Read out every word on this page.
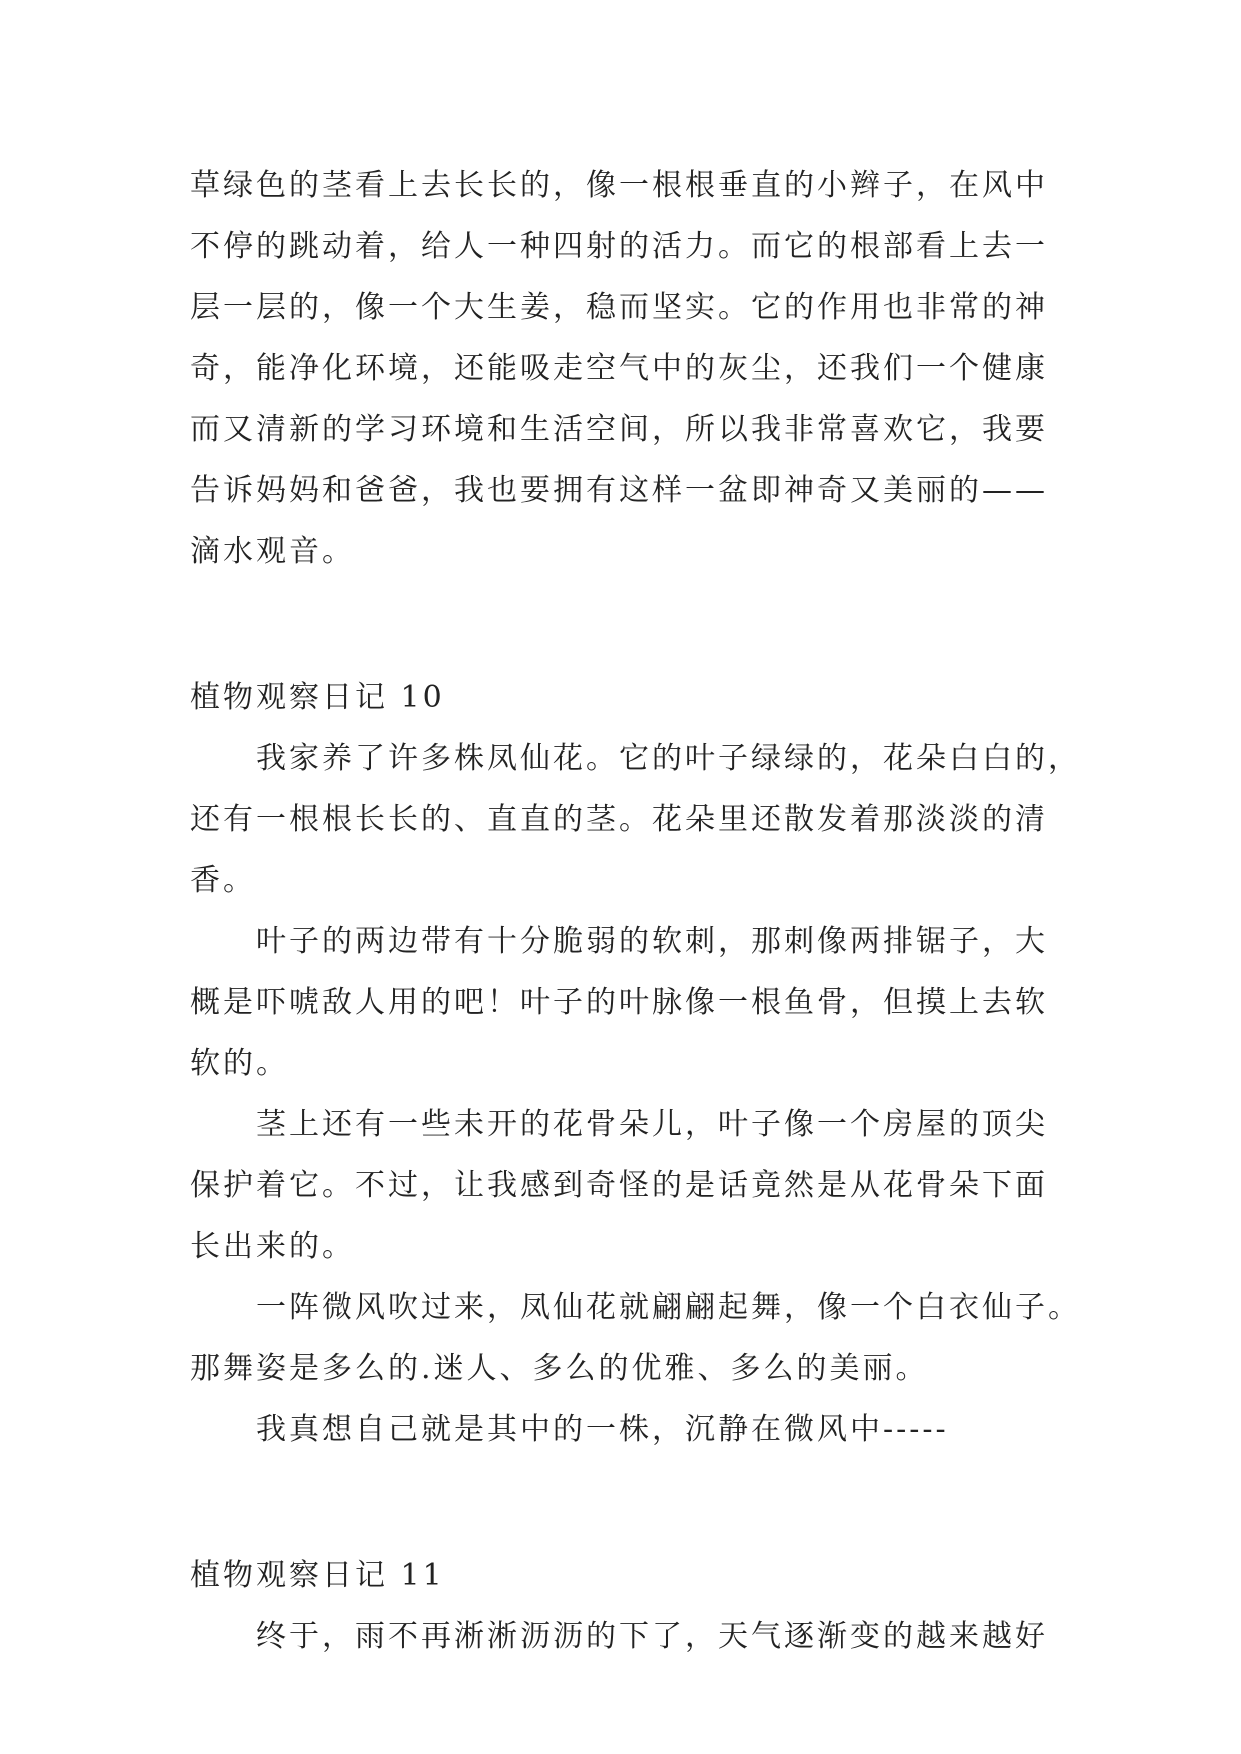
草绿色的茎看上去长长的，像一根根垂直的小辫子，在风中
不停的跳动着，给人一种四射的活力。而它的根部看上去一
层一层的，像一个大生姜，稳而坚实。它的作用也非常的神
奇，能净化环境，还能吸走空气中的灰尘，还我们一个健康
而又清新的学习环境和生活空间，所以我非常喜欢它，我要
告诉妈妈和爸爸，我也要拥有这样一盆即神奇又美丽的——
滴水观音。

植物观察日记 10

我家养了许多株凤仙花。它的叶子绿绿的，花朵白白的，
还有一根根长长的、直直的茎。花朵里还散发着那淡淡的清
香。

叶子的两边带有十分脆弱的软刺，那刺像两排锯子，大
概是吓唬敌人用的吧！叶子的叶脉像一根鱼骨，但摸上去软
软的。

茎上还有一些未开的花骨朵儿，叶子像一个房屋的顶尖
保护着它。不过，让我感到奇怪的是话竟然是从花骨朵下面
长出来的。

一阵微风吹过来，凤仙花就翩翩起舞，像一个白衣仙子。
那舞姿是多么的.迷人、多么的优雅、多么的美丽。

我真想自己就是其中的一株，沉静在微风中-----

植物观察日记 11

终于，雨不再淅淅沥沥的下了，天气逐渐变的越来越好
